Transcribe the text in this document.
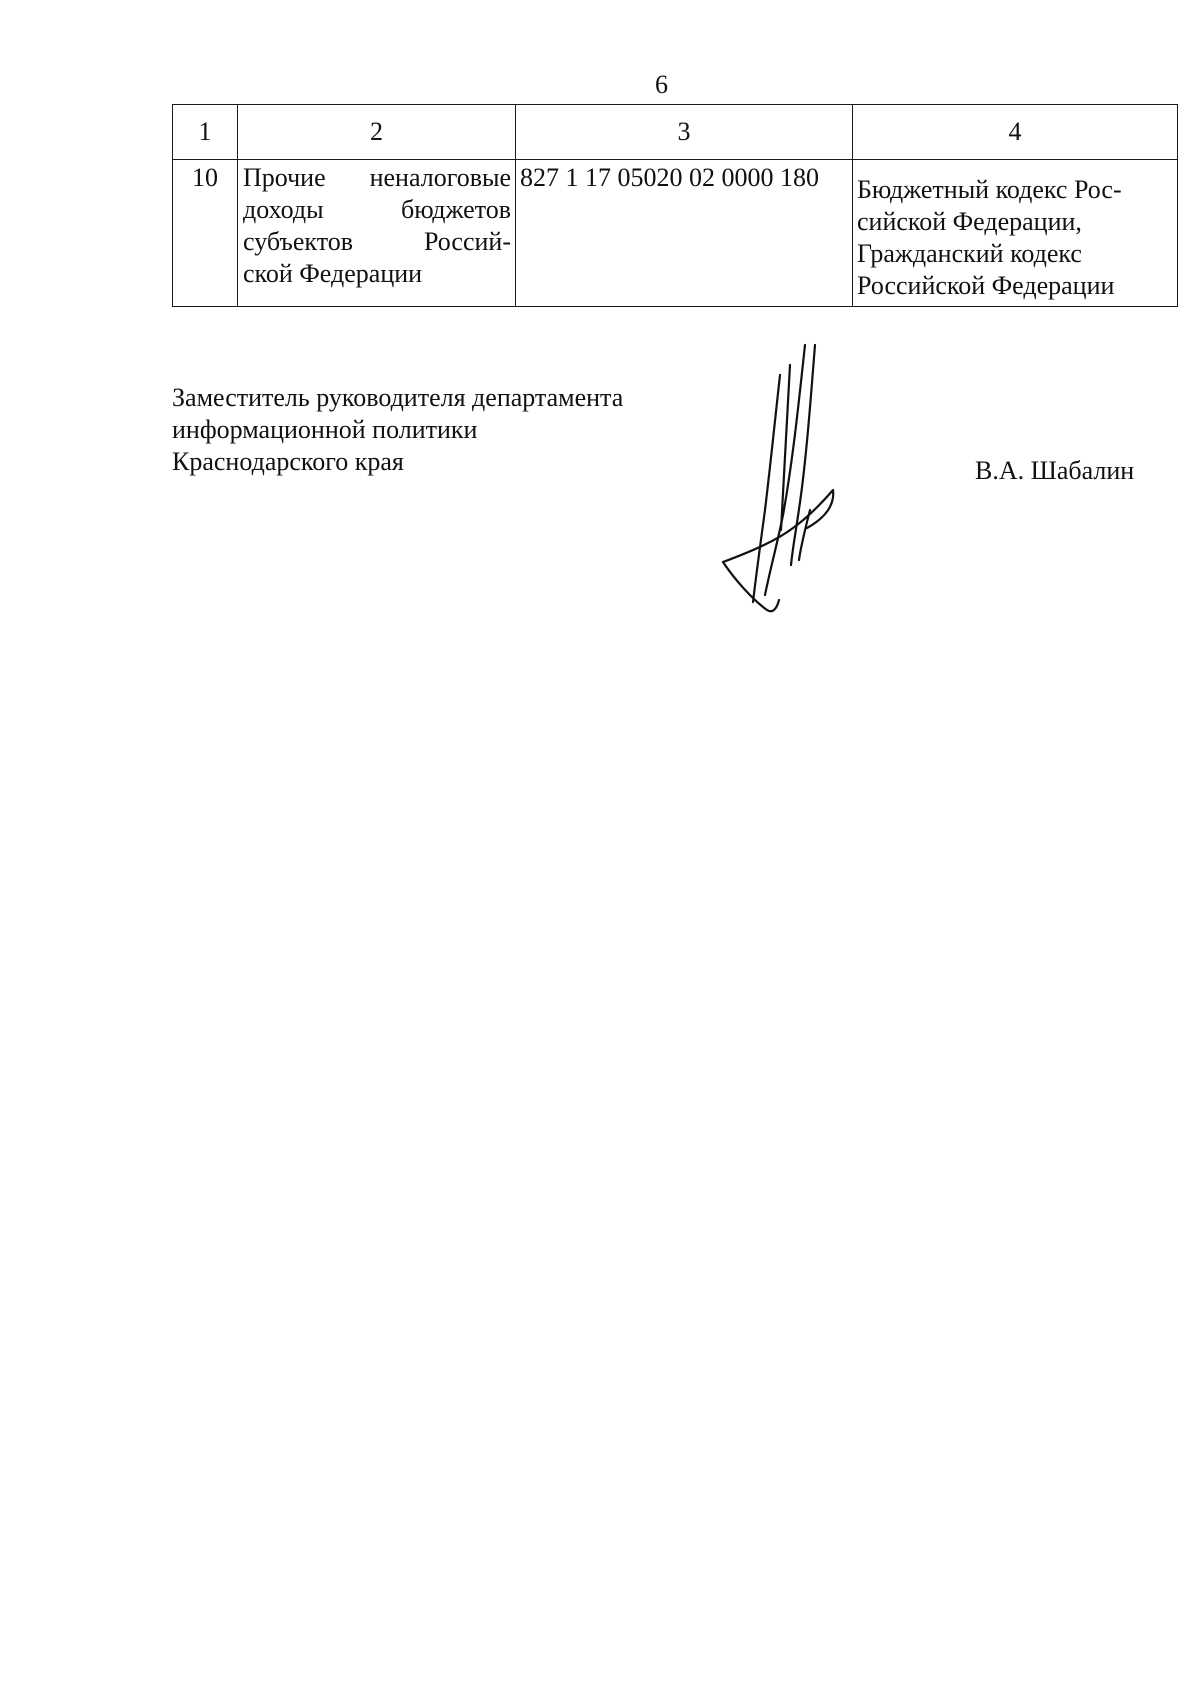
6
1	2	3	4
10	Прочие неналоговые
доходы бюджетов
субъектов Россий-
ской Федерации	827 1 17 05020 02 0000 180	Бюджетный кодекс Рос-
сийской Федерации,
Гражданский кодекс
Российской Федерации
Заместитель руководителя департамента
информационной политики
Краснодарского края	В.А. Шабалин
